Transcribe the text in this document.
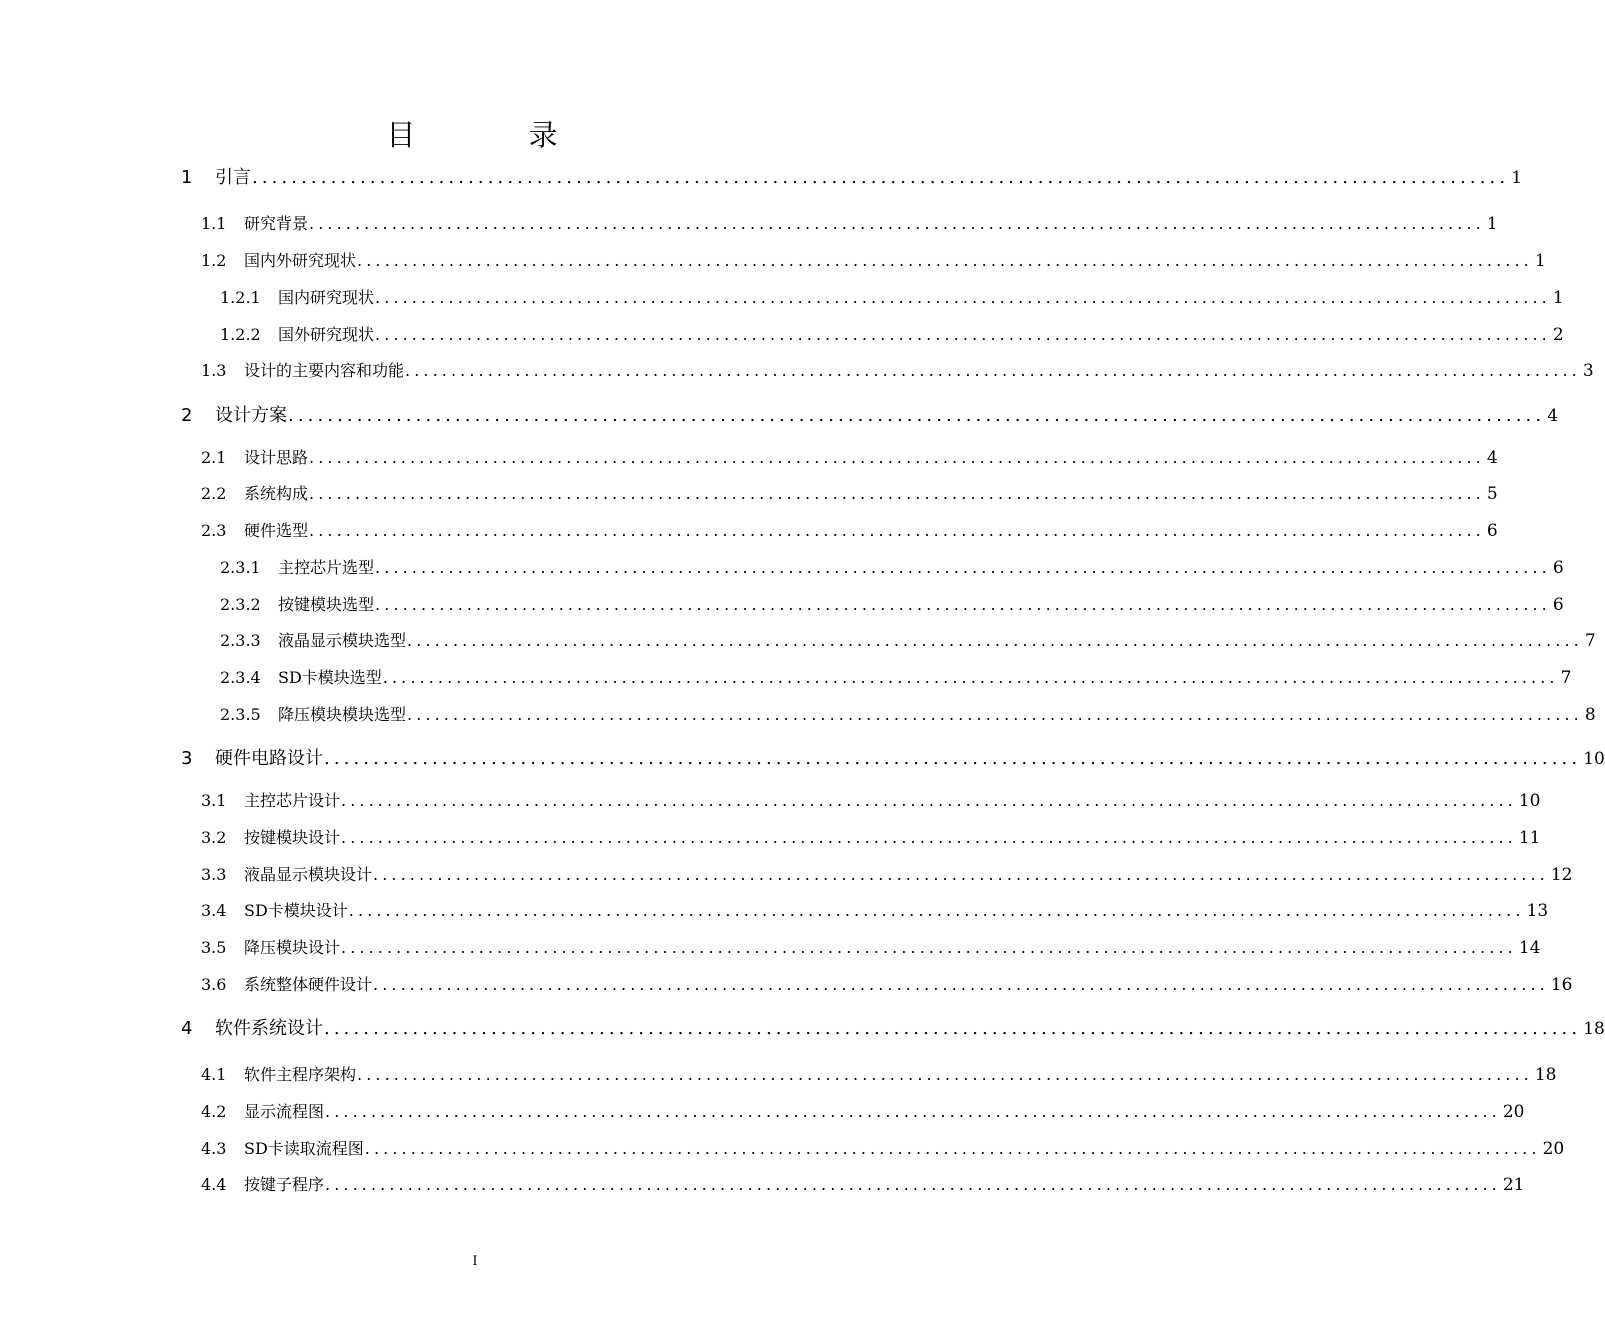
目 录
1	引言 ................................................................................................................................ 1
1.1	研究背景 ................................................................................................................................ 1
1.2	国内外研究现状 ................................................................................................................................ 1
1.2.1	国内研究现状 ................................................................................................................................ 1
1.2.2	国外研究现状 ................................................................................................................................ 2
1.3	设计的主要内容和功能 ................................................................................................................................ 3
2	设计方案 ................................................................................................................................ 4
2.1	设计思路 ................................................................................................................................ 4
2.2	系统构成 ................................................................................................................................ 5
2.3	硬件选型 ................................................................................................................................ 6
2.3.1	主控芯片选型 ................................................................................................................................ 6
2.3.2	按键模块选型 ................................................................................................................................ 6
2.3.3	液晶显示模块选型 ................................................................................................................................ 7
2.3.4	SD卡模块选型 ................................................................................................................................ 7
2.3.5	降压模块模块选型 ................................................................................................................................ 8
3	硬件电路设计 ................................................................................................................................ 10
3.1	主控芯片设计 ................................................................................................................................ 10
3.2	按键模块设计 ................................................................................................................................ 11
3.3	液晶显示模块设计 ................................................................................................................................ 12
3.4	SD卡模块设计 ................................................................................................................................ 13
3.5	降压模块设计 ................................................................................................................................ 14
3.6	系统整体硬件设计 ................................................................................................................................ 16
4	软件系统设计 ................................................................................................................................ 18
4.1	软件主程序架构 ................................................................................................................................ 18
4.2	显示流程图 ................................................................................................................................ 20
4.3	SD卡读取流程图 ................................................................................................................................ 20
4.4	按键子程序 ................................................................................................................................ 21
I
